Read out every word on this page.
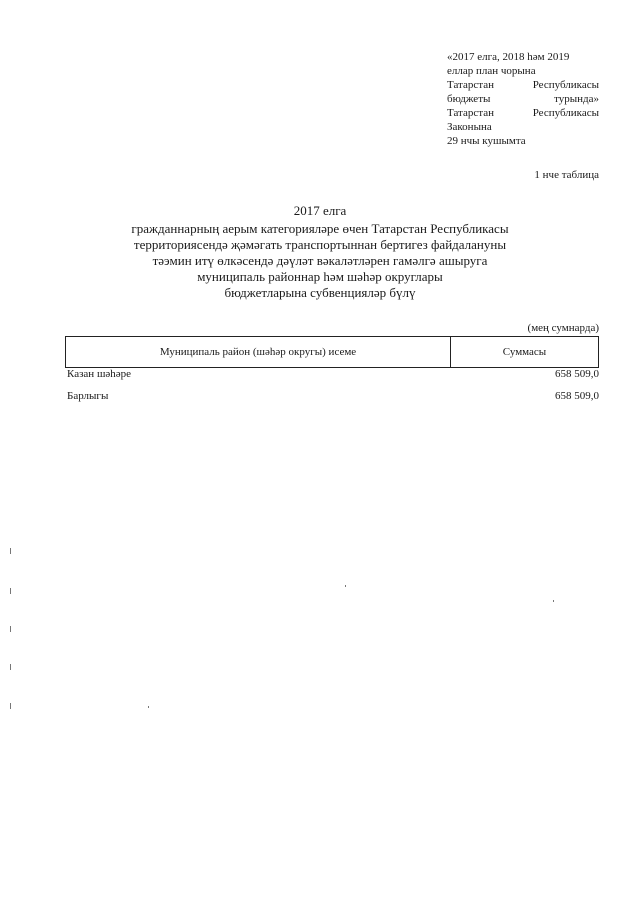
«2017 елга, 2018 һәм 2019
еллар план чорына
Татарстан	Республикасы
бюджеты	турында»
Татарстан	Республикасы
Законына
29 нчы кушымта
1 нче таблица
2017 елга
гражданнарның аерым категорияләре өчен Татарстан Республикасы
территориясендә җәмәгать транспортыннан бертигез файдалануны
тәэмин итү өлкәсендә дәүләт вәкаләтләрен гамәлгә ашыруга
муниципаль районнар һәм шәһәр округлары
бюджетларына субвенцияләр бүлү
(мең сумнарда)
Муниципаль район (шәһәр округы) исеме	Суммасы
Казан шәһәре	658 509,0
Барлыгы	658 509,0
